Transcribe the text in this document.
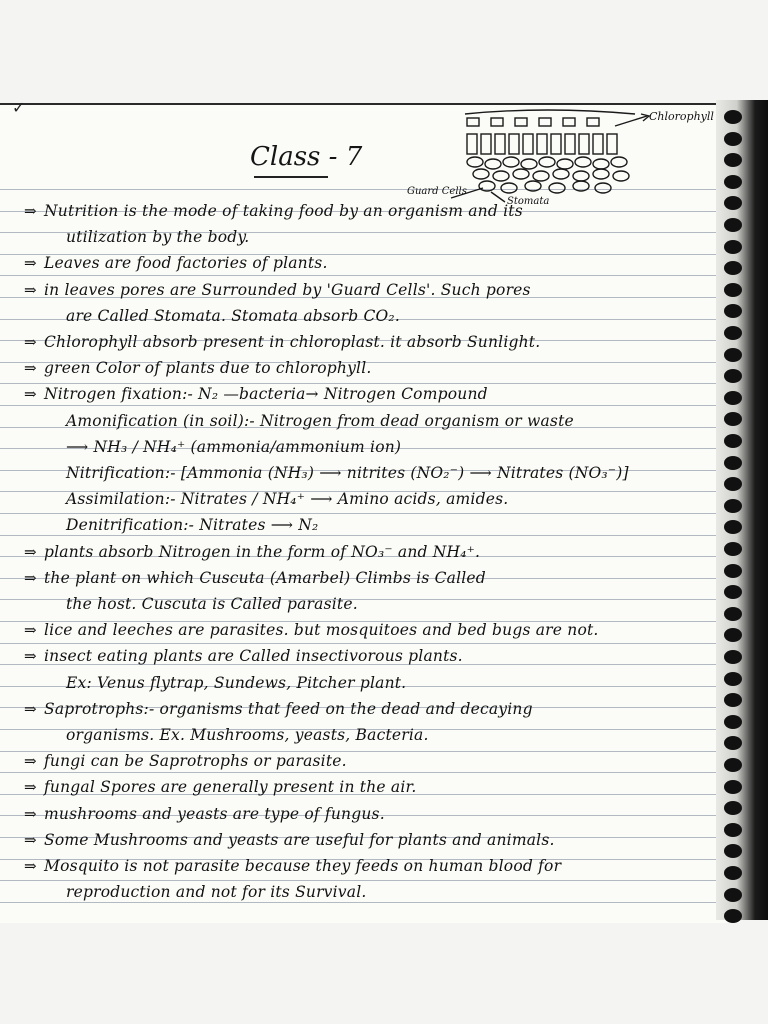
✓
Class - 7
Chlorophyll
Guard Cells
Stomata
⇒ Nutrition is the mode of taking food by an organism and its
utilization by the body.
⇒ Leaves are food factories of plants.
⇒ in leaves pores are Surrounded by 'Guard Cells'. Such pores
are Called Stomata. Stomata absorb CO₂.
⇒ Chlorophyll absorb present in chloroplast. it absorb Sunlight.
⇒ green Color of plants due to chlorophyll.
⇒ Nitrogen fixation:- N₂ —bacteria→ Nitrogen Compound
Amonification (in soil):- Nitrogen from dead organism or waste
⟶ NH₃ / NH₄⁺ (ammonia/ammonium ion)
Nitrification:- [Ammonia (NH₃) ⟶ nitrites (NO₂⁻) ⟶ Nitrates (NO₃⁻)]
Assimilation:- Nitrates / NH₄⁺ ⟶ Amino acids, amides.
Denitrification:- Nitrates ⟶ N₂
⇒ plants absorb Nitrogen in the form of NO₃⁻ and NH₄⁺.
⇒ the plant on which Cuscuta (Amarbel) Climbs is Called
the host. Cuscuta is Called parasite.
⇒ lice and leeches are parasites. but mosquitoes and bed bugs are not.
⇒ insect eating plants are Called insectivorous plants.
Ex: Venus flytrap, Sundews, Pitcher plant.
⇒ Saprotrophs:- organisms that feed on the dead and decaying
organisms. Ex. Mushrooms, yeasts, Bacteria.
⇒ fungi can be Saprotrophs or parasite.
⇒ fungal Spores are generally present in the air.
⇒ mushrooms and yeasts are type of fungus.
⇒ Some Mushrooms and yeasts are useful for plants and animals.
⇒ Mosquito is not parasite because they feeds on human blood for
reproduction and not for its Survival.
